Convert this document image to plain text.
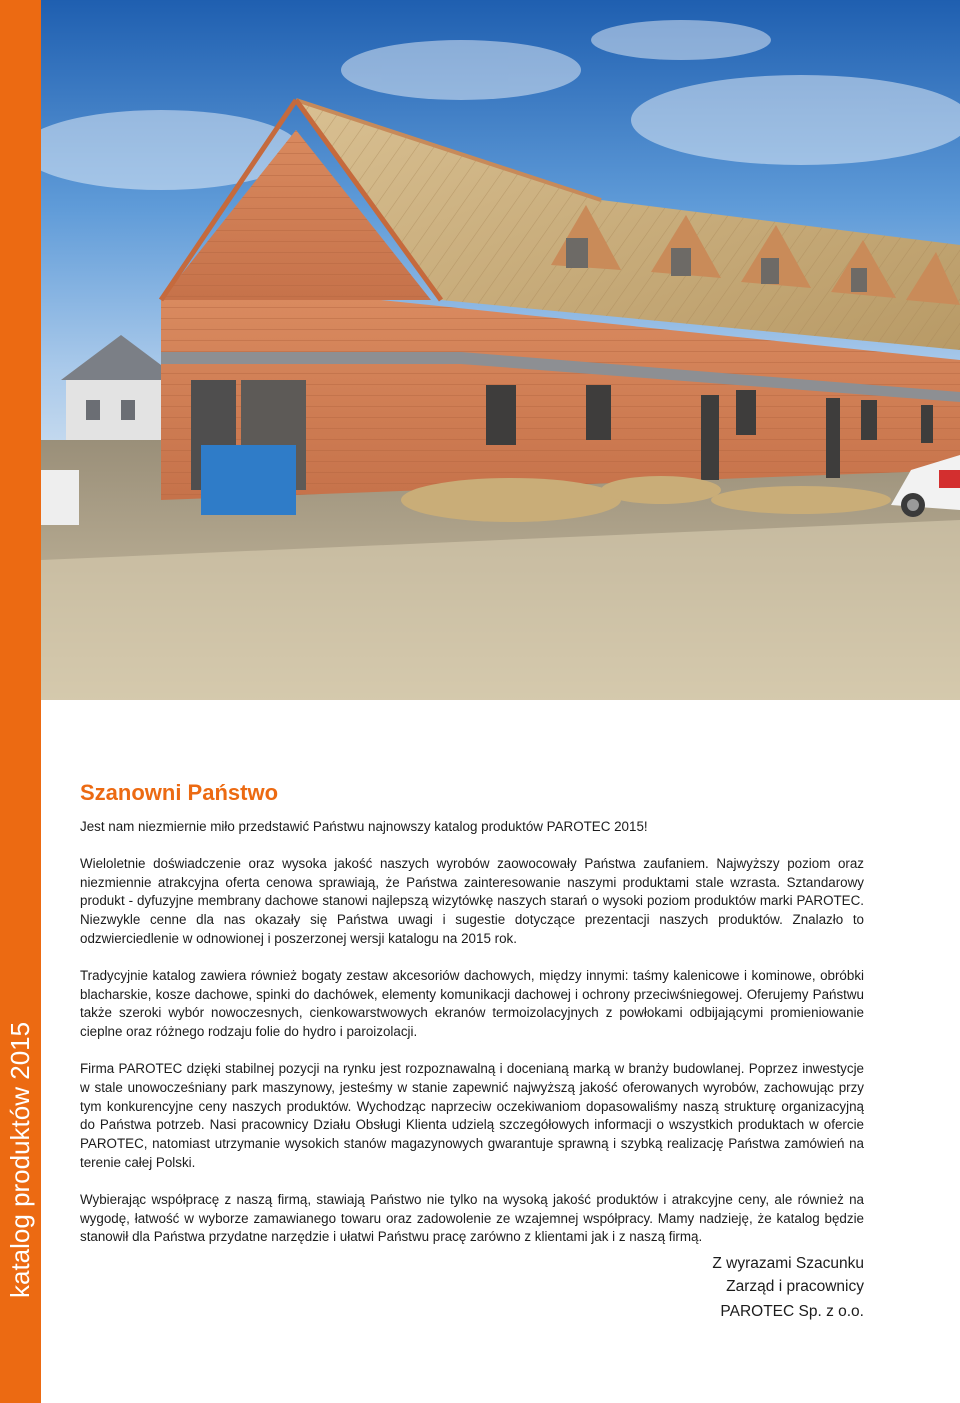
katalog produktów 2015
Szanowni Państwo

Jest nam niezmiernie miło przedstawić Państwu najnowszy katalog produktów PAROTEC 2015!

Wieloletnie doświadczenie oraz wysoka jakość naszych wyrobów zaowocowały Państwa zaufaniem. Najwyższy poziom oraz niezmiennie atrakcyjna oferta cenowa sprawiają, że Państwa zainteresowanie naszymi produktami stale wzrasta. Sztandarowy produkt - dyfuzyjne membrany dachowe stanowi najlepszą wizytówkę naszych starań o wysoki poziom produktów marki PAROTEC. Niezwykle cenne dla nas okazały się Państwa uwagi i sugestie dotyczące prezentacji naszych produktów. Znalazło to odzwierciedlenie w odnowionej i poszerzonej wersji katalogu na 2015 rok.

Tradycyjnie katalog zawiera również bogaty zestaw akcesoriów dachowych, między innymi: taśmy kalenicowe i kominowe, obróbki blacharskie, kosze dachowe, spinki do dachówek, elementy komunikacji dachowej i ochrony przeciwśniegowej. Oferujemy Państwu także szeroki wybór nowoczesnych, cienkowarstwowych ekranów termoizolacyjnych z powłokami odbijającymi promieniowanie cieplne oraz różnego rodzaju folie do hydro i paroizolacji.

Firma PAROTEC dzięki stabilnej pozycji na rynku jest rozpoznawalną i docenianą marką w branży budowlanej. Poprzez inwestycje w stale unowocześniany park maszynowy, jesteśmy w stanie zapewnić najwyższą jakość oferowanych wyrobów, zachowując przy tym konkurencyjne ceny naszych produktów. Wychodząc naprzeciw oczekiwaniom dopasowaliśmy naszą strukturę organizacyjną do Państwa potrzeb. Nasi pracownicy Działu Obsługi Klienta udzielą szczegółowych informacji o wszystkich produktach w ofercie PAROTEC, natomiast utrzymanie wysokich stanów magazynowych gwarantuje sprawną i szybką realizację Państwa zamówień na terenie całej Polski.

Wybierając współpracę z naszą firmą, stawiają Państwo nie tylko na wysoką jakość produktów i atrakcyjne ceny, ale również na wygodę, łatwość w wyborze zamawianego towaru oraz zadowolenie ze wzajemnej współpracy. Mamy nadzieję, że katalog będzie stanowił dla Państwa przydatne narzędzie i ułatwi Państwu pracę zarówno z klientami jak i z naszą firmą.

Z wyrazami Szacunku
Zarząd i pracownicy

PAROTEC Sp. z o.o.
